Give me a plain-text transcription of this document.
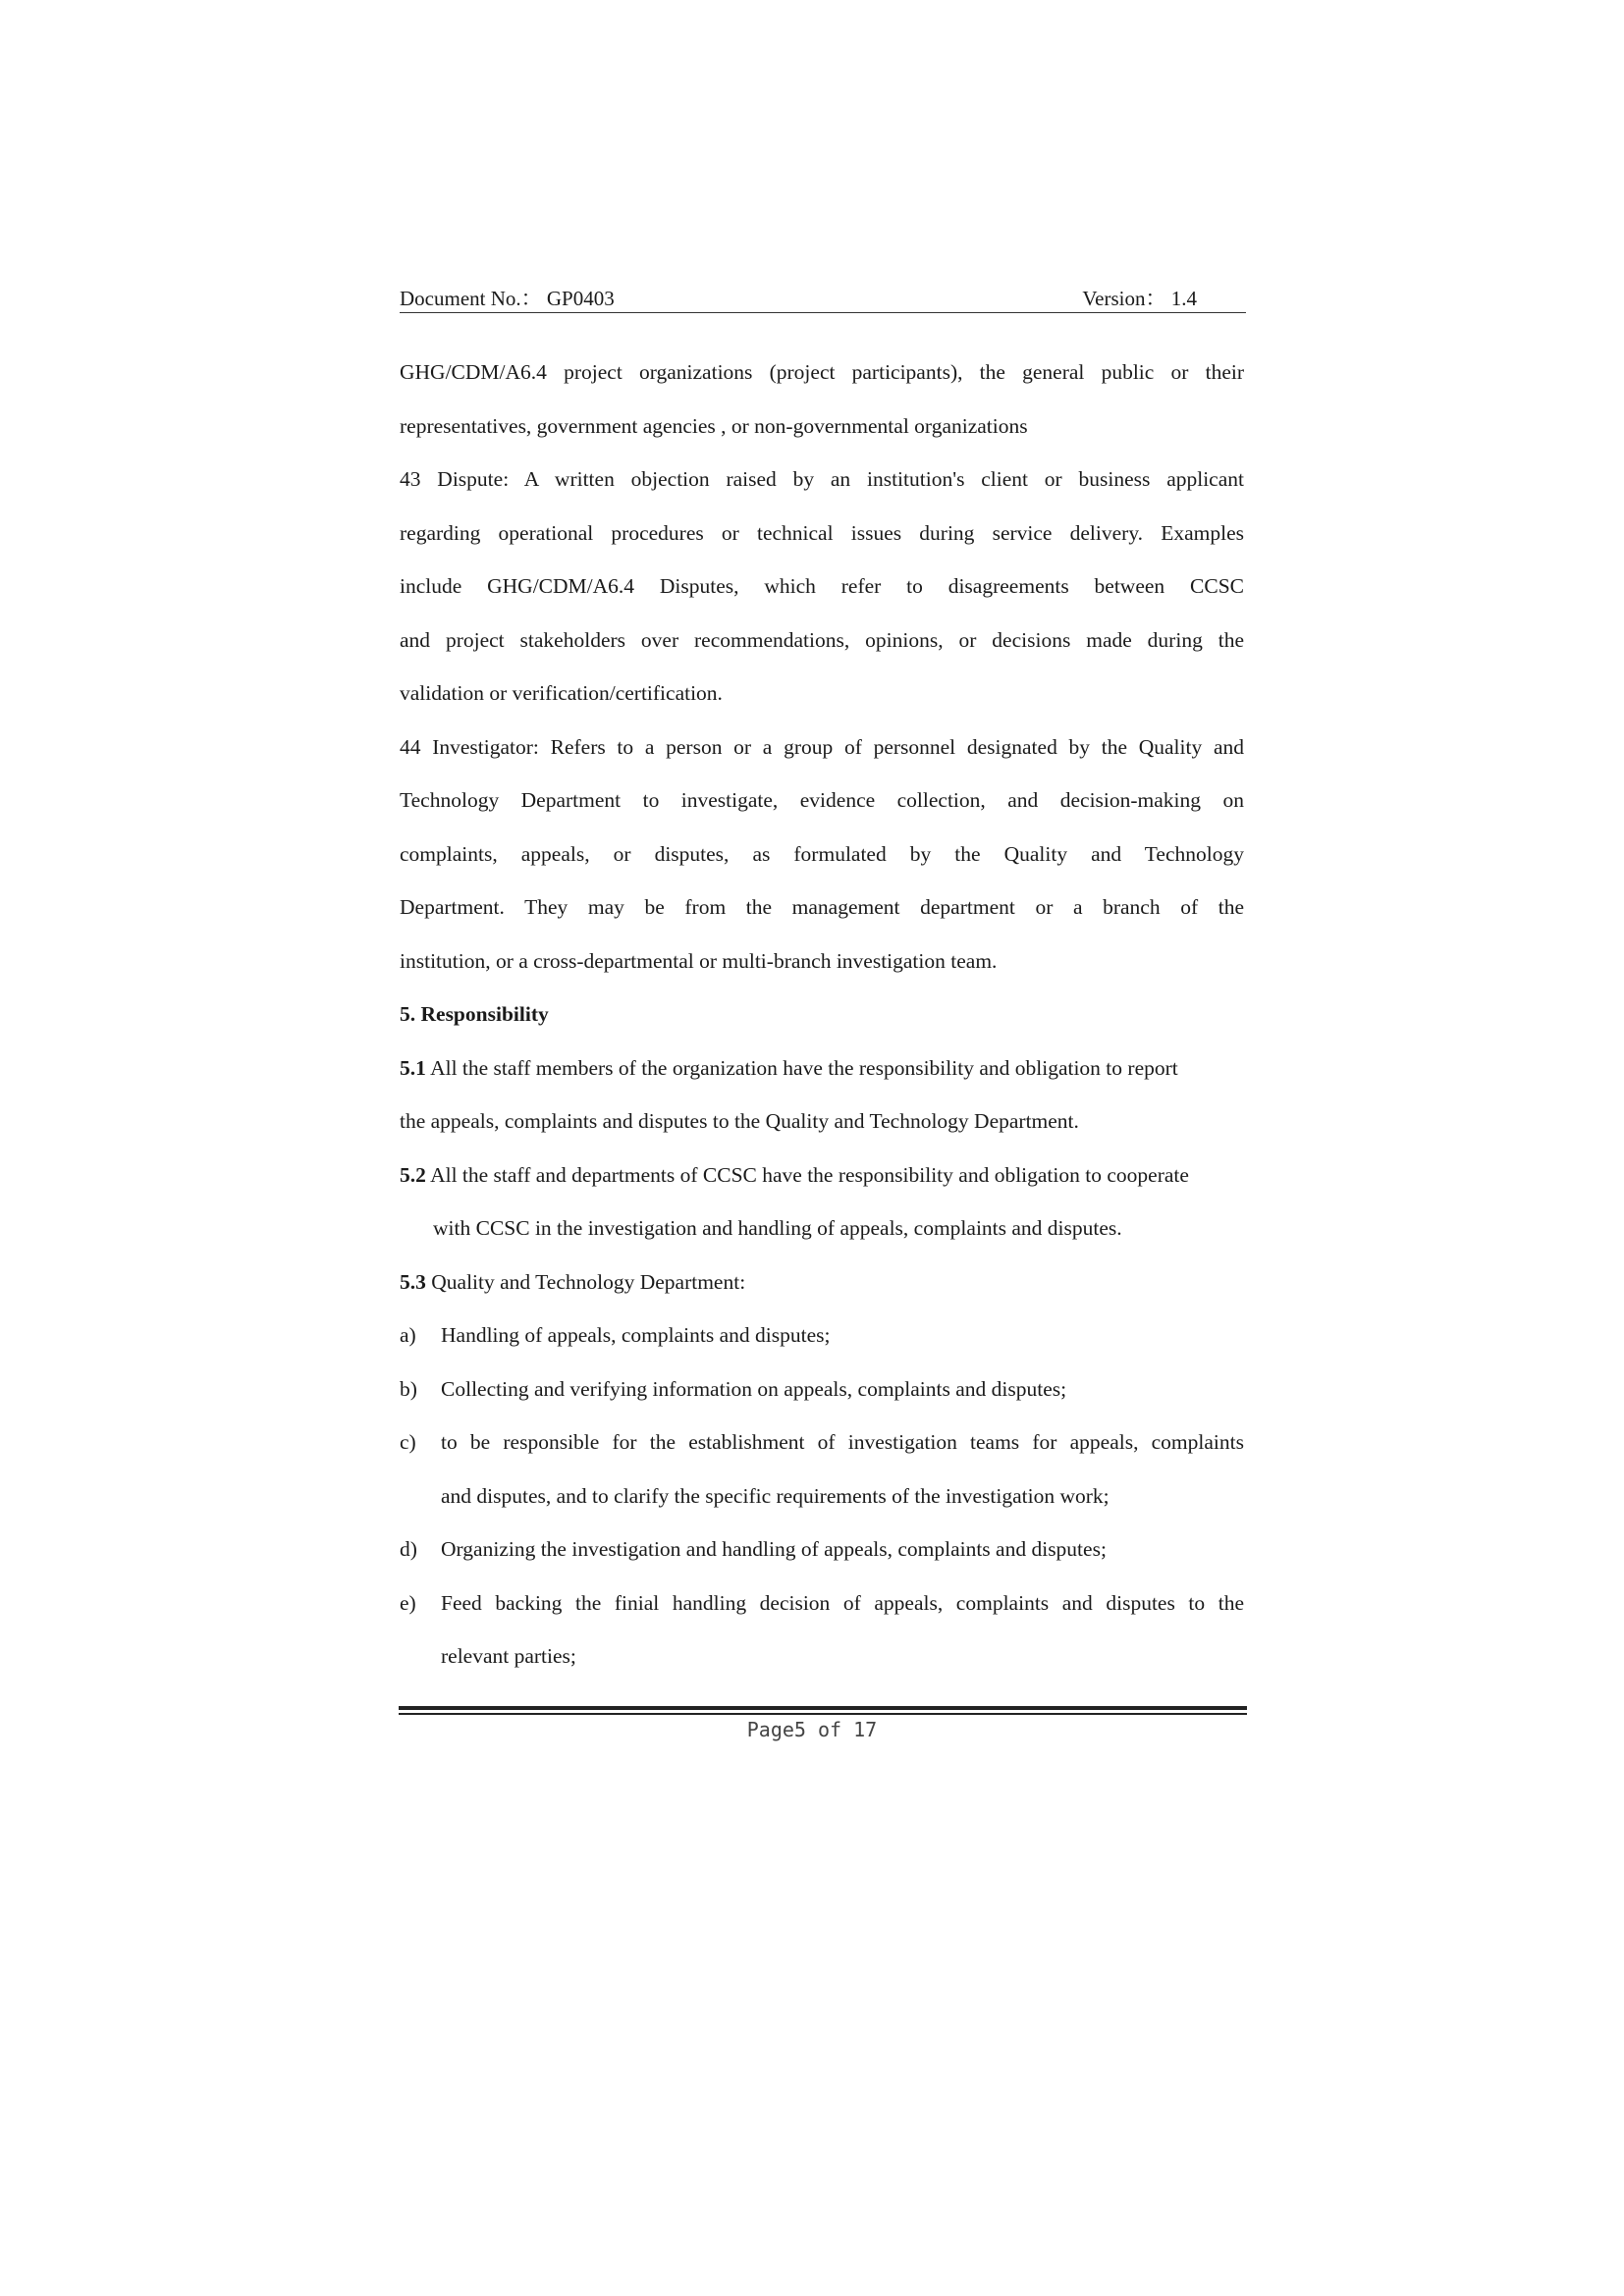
Document No.： GP0403	Version： 1.4

GHG/CDM/A6.4 project organizations (project participants), the general public or their

representatives, government agencies , or non-governmental organizations

43 Dispute: A written objection raised by an institution's client or business applicant

regarding operational procedures or technical issues during service delivery. Examples

include GHG/CDM/A6.4 Disputes, which refer to disagreements between CCSC

and project stakeholders over recommendations, opinions, or decisions made during the

validation or verification/certification.

44 Investigator: Refers to a person or a group of personnel designated by the Quality and

Technology Department to investigate, evidence collection, and decision-making on

complaints, appeals, or disputes, as formulated by the Quality and Technology

Department. They may be from the management department or a branch of the

institution, or a cross-departmental or multi-branch investigation team.

5. Responsibility

5.1 All the staff members of the organization have the responsibility and obligation to report

the appeals, complaints and disputes to the Quality and Technology Department.

5.2 All the staff and departments of CCSC have the responsibility and obligation to cooperate

with CCSC in the investigation and handling of appeals, complaints and disputes.

5.3 Quality and Technology Department:

a) Handling of appeals, complaints and disputes;

b) Collecting and verifying information on appeals, complaints and disputes;

c) to be responsible for the establishment of investigation teams for appeals, complaints

and disputes, and to clarify the specific requirements of the investigation work;

d) Organizing the investigation and handling of appeals, complaints and disputes;

e) Feed backing the finial handling decision of appeals, complaints and disputes to the

relevant parties;

Page5 of 17
